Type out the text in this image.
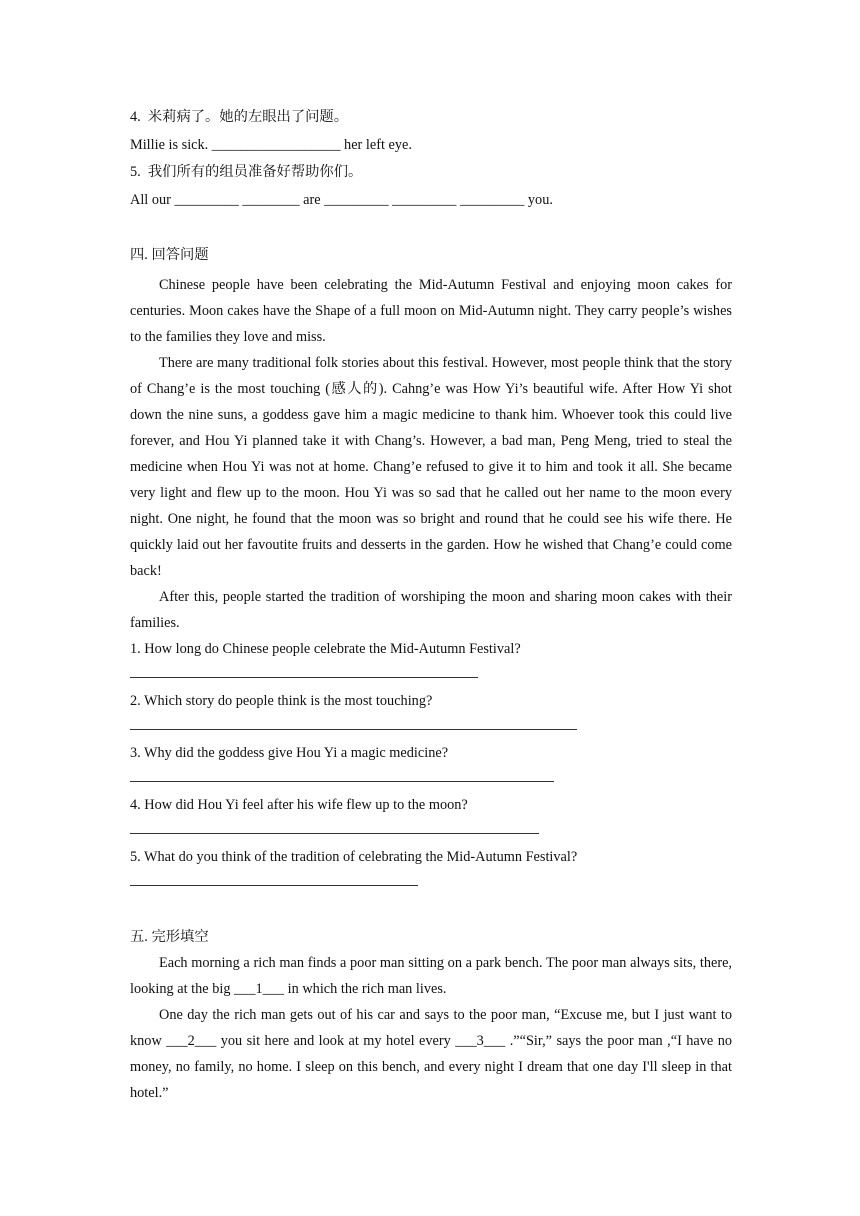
4.  米莉病了。她的左眼出了问题。

Millie is sick. __________________ her left eye.

5.  我们所有的组员准备好帮助你们。

All our _________ ________ are _________ _________ _________ you.

四. 回答问题

Chinese people have been celebrating the Mid-Autumn Festival and enjoying moon cakes for centuries. Moon cakes have the Shape of a full moon on Mid-Autumn night. They carry people’s wishes to the families they love and miss.

There are many traditional folk stories about this festival. However, most people think that the story of Chang’e is the most touching (感人的). Cahng’e was How Yi’s beautiful wife. After How Yi shot down the nine suns, a goddess gave him a magic medicine to thank him. Whoever took this could live forever, and Hou Yi planned take it with Chang’s. However, a bad man, Peng Meng, tried to steal the medicine when Hou Yi was not at home. Chang’e refused to give it to him and took it all. She became very light and flew up to the moon. Hou Yi was so sad that he called out her name to the moon every night. One night, he found that the moon was so bright and round that he could see his wife there. He quickly laid out her favoutite fruits and desserts in the garden. How he wished that Chang’e could come back!

After this, people started the tradition of worshiping the moon and sharing moon cakes with their families.

1. How long do Chinese people celebrate the Mid-Autumn Festival?

2. Which story do people think is the most touching?

3. Why did the goddess give Hou Yi a magic medicine?

4. How did Hou Yi feel after his wife flew up to the moon?

5. What do you think of the tradition of celebrating the Mid-Autumn Festival?

五. 完形填空

Each morning a rich man finds a poor man sitting on a park bench. The poor man always sits, there, looking at the big ___1___ in which the rich man lives.

One day the rich man gets out of his car and says to the poor man, “Excuse me, but I just want to know ___2___ you sit here and look at my hotel every ___3___ .”“Sir,” says the poor man ,“I have no money, no family, no home. I sleep on this bench, and every night I dream that one day I'll sleep in that hotel.”
